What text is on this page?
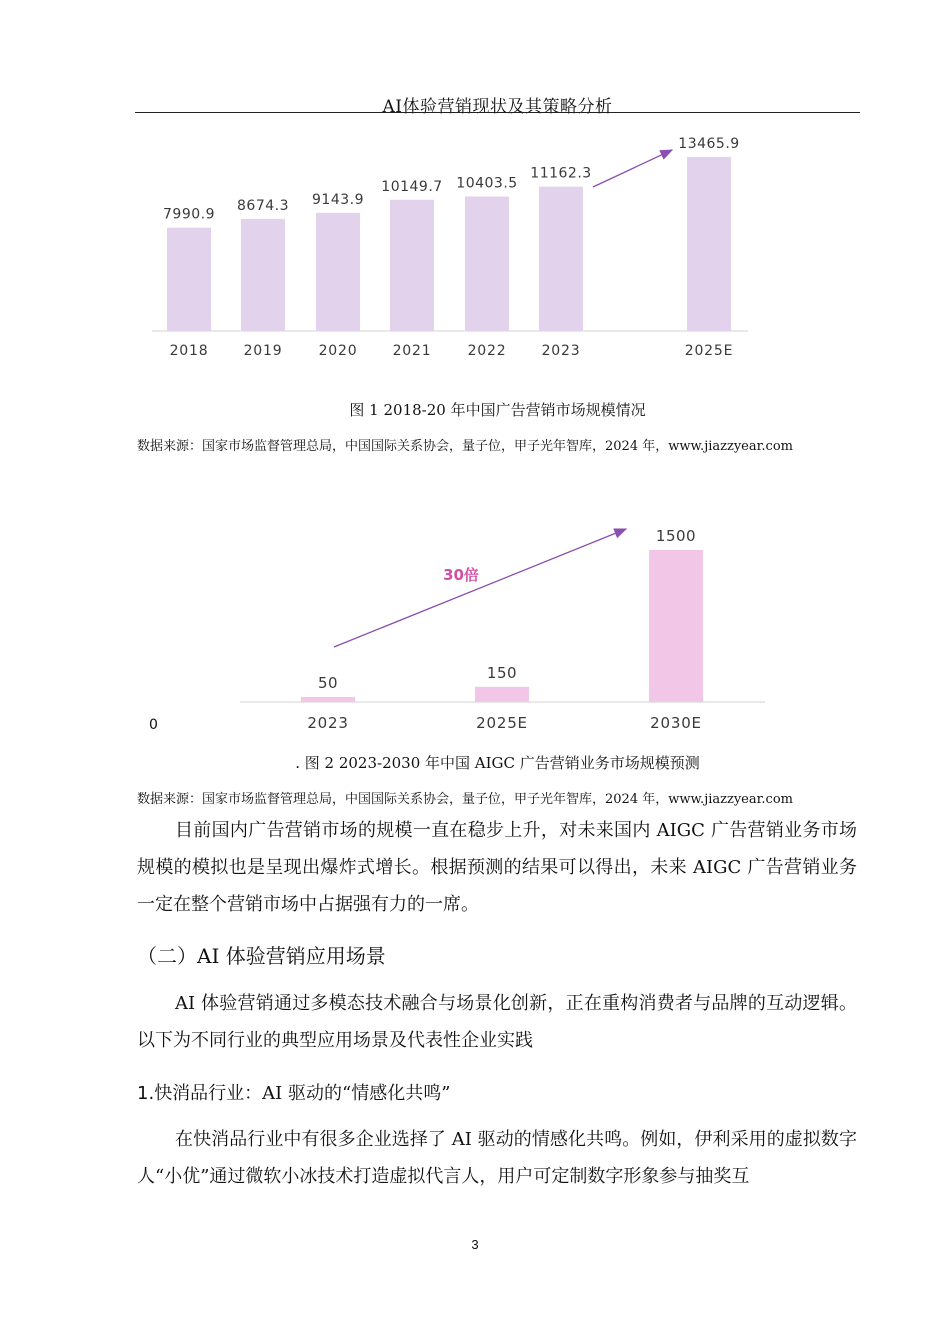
AI体验营销现状及其策略分析
7990.9
8674.3 9143.9
10149.7 10403.5
11162.3
13465.9
2018	2019	2020	2021	2022	2023	2025E
图 1 2018-20 年中国广告营销市场规模情况
数据来源：国家市场监督管理总局，中国国际关系协会，量子位，甲子光年智库，2024 年，www.jiazzyear.com
30倍
50
150
1500
2023	2025E	2030E
0
. 图 2 2023-2030 年中国 AIGC 广告营销业务市场规模预测
数据来源：国家市场监督管理总局，中国国际关系协会，量子位，甲子光年智库，2024 年，www.jiazzyear.com
目前国内广告营销市场的规模一直在稳步上升，对未来国内 AIGC 广告营销业务市场规模的模拟也是呈现出爆炸式增长。根据预测的结果可以得出，未来 AIGC 广告营销业务一定在整个营销市场中占据强有力的一席。
（二）AI 体验营销应用场景
AI 体验营销通过多模态技术融合与场景化创新，正在重构消费者与品牌的互动逻辑。以下为不同行业的典型应用场景及代表性企业实践
1.快消品行业：AI 驱动的“情感化共鸣”
在快消品行业中有很多企业选择了 AI 驱动的情感化共鸣。例如，伊利采用的虚拟数字人“小优”通过微软小冰技术打造虚拟代言人，用户可定制数字形象参与抽奖互
3
